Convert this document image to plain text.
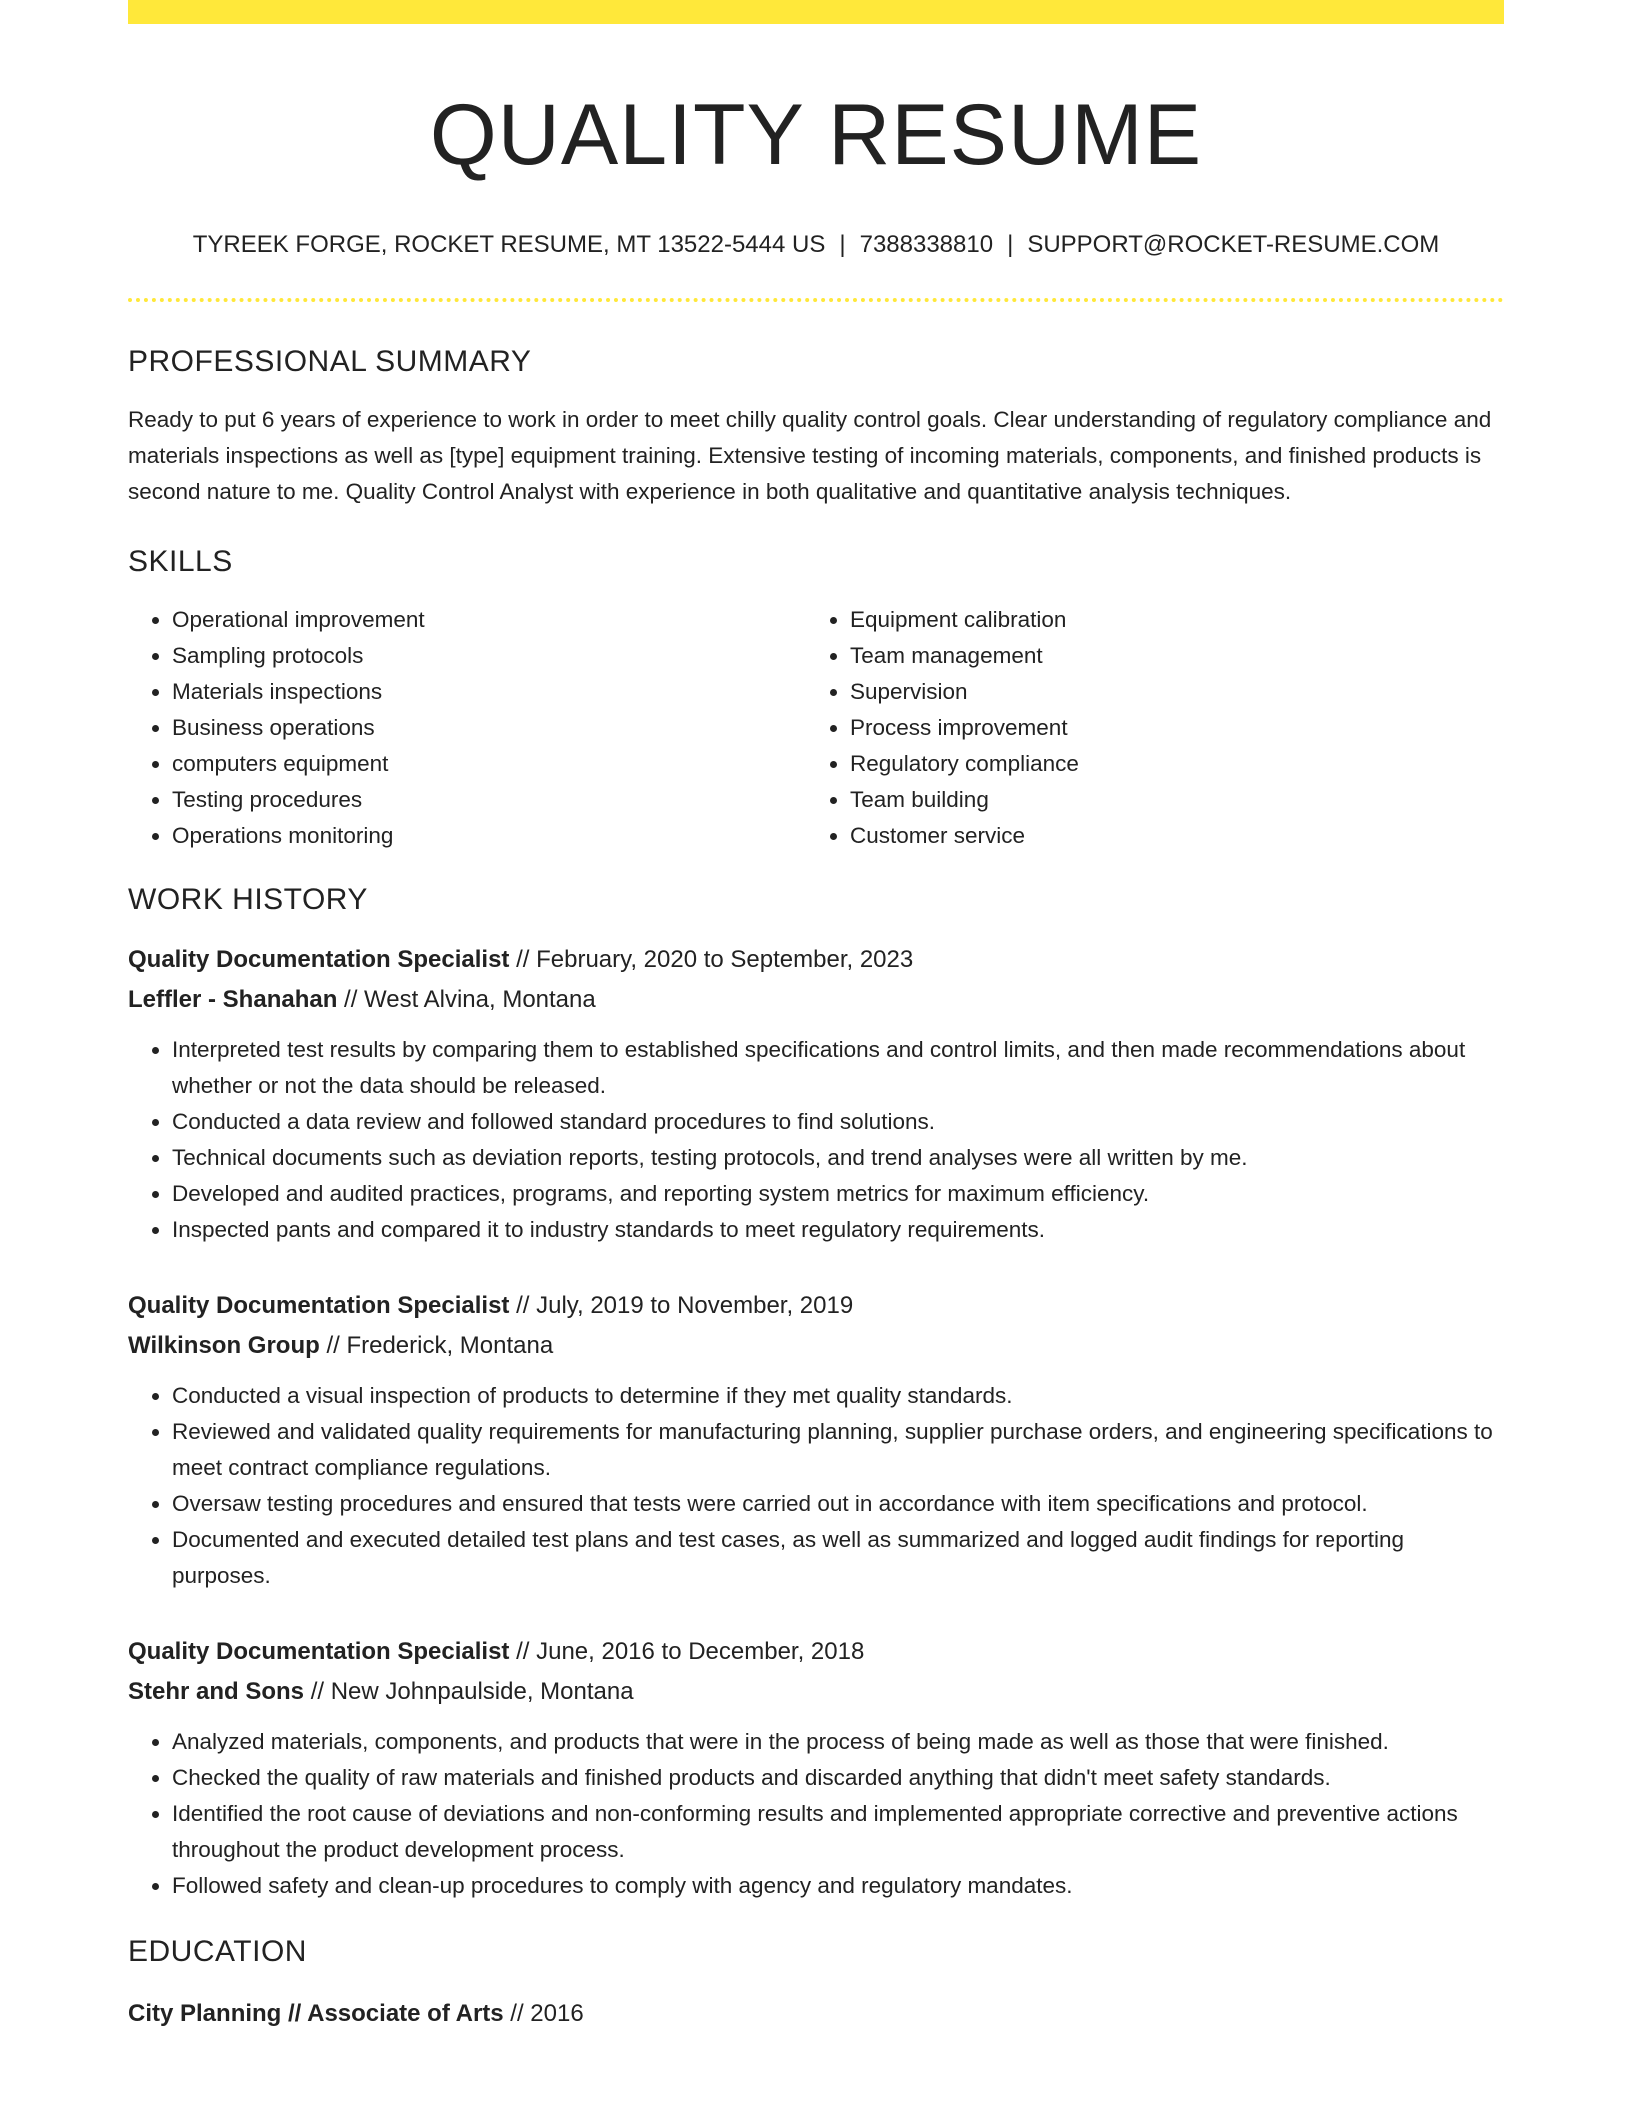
QUALITY RESUME
TYREEK FORGE, ROCKET RESUME, MT 13522-5444 US | 7388338810 | SUPPORT@ROCKET-RESUME.COM
PROFESSIONAL SUMMARY
Ready to put 6 years of experience to work in order to meet chilly quality control goals. Clear understanding of regulatory compliance and materials inspections as well as [type] equipment training. Extensive testing of incoming materials, components, and finished products is second nature to me. Quality Control Analyst with experience in both qualitative and quantitative analysis techniques.
SKILLS
• Operational improvement
• Sampling protocols
• Materials inspections
• Business operations
• computers equipment
• Testing procedures
• Operations monitoring
• Equipment calibration
• Team management
• Supervision
• Process improvement
• Regulatory compliance
• Team building
• Customer service
WORK HISTORY
Quality Documentation Specialist // February, 2020 to September, 2023
Leffler - Shanahan // West Alvina, Montana
• Interpreted test results by comparing them to established specifications and control limits, and then made recommendations about whether or not the data should be released.
• Conducted a data review and followed standard procedures to find solutions.
• Technical documents such as deviation reports, testing protocols, and trend analyses were all written by me.
• Developed and audited practices, programs, and reporting system metrics for maximum efficiency.
• Inspected pants and compared it to industry standards to meet regulatory requirements.
Quality Documentation Specialist // July, 2019 to November, 2019
Wilkinson Group // Frederick, Montana
• Conducted a visual inspection of products to determine if they met quality standards.
• Reviewed and validated quality requirements for manufacturing planning, supplier purchase orders, and engineering specifications to meet contract compliance regulations.
• Oversaw testing procedures and ensured that tests were carried out in accordance with item specifications and protocol.
• Documented and executed detailed test plans and test cases, as well as summarized and logged audit findings for reporting purposes.
Quality Documentation Specialist // June, 2016 to December, 2018
Stehr and Sons // New Johnpaulside, Montana
• Analyzed materials, components, and products that were in the process of being made as well as those that were finished.
• Checked the quality of raw materials and finished products and discarded anything that didn't meet safety standards.
• Identified the root cause of deviations and non-conforming results and implemented appropriate corrective and preventive actions throughout the product development process.
• Followed safety and clean-up procedures to comply with agency and regulatory mandates.
EDUCATION
City Planning // Associate of Arts // 2016
